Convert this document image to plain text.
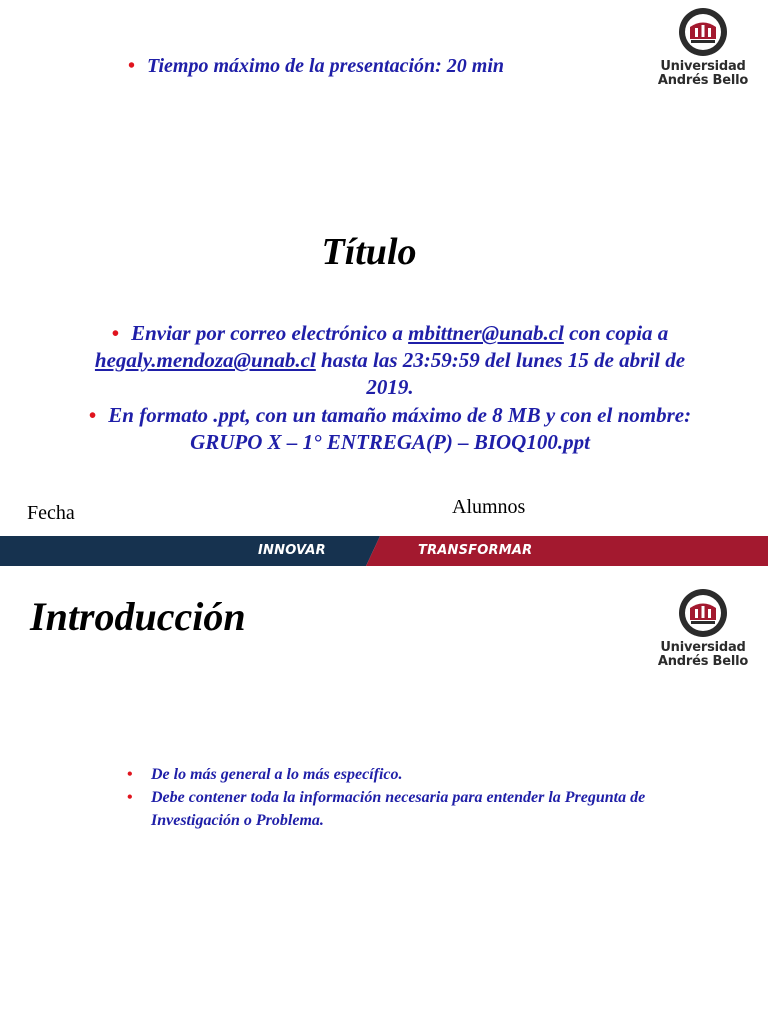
• Tiempo máximo de la presentación: 20 min	Universidad
Andrés Bello
Título

• Enviar por correo electrónico a mbittner@unab.cl con copia a hegaly.mendoza@unab.cl hasta las 23:59:59 del lunes 15 de abril de 2019.

• En formato .ppt, con un tamaño máximo de 8 MB y con el nombre: GRUPO X – 1° ENTREGA(P) – BIOQ100.ppt

Fecha	Alumnos
INNOVAR	TRANSFORMAR
Introducción
Universidad
Andrés Bello
• De lo más general a lo más específico.
• Debe contener toda la información necesaria para entender la Pregunta de Investigación o Problema.
